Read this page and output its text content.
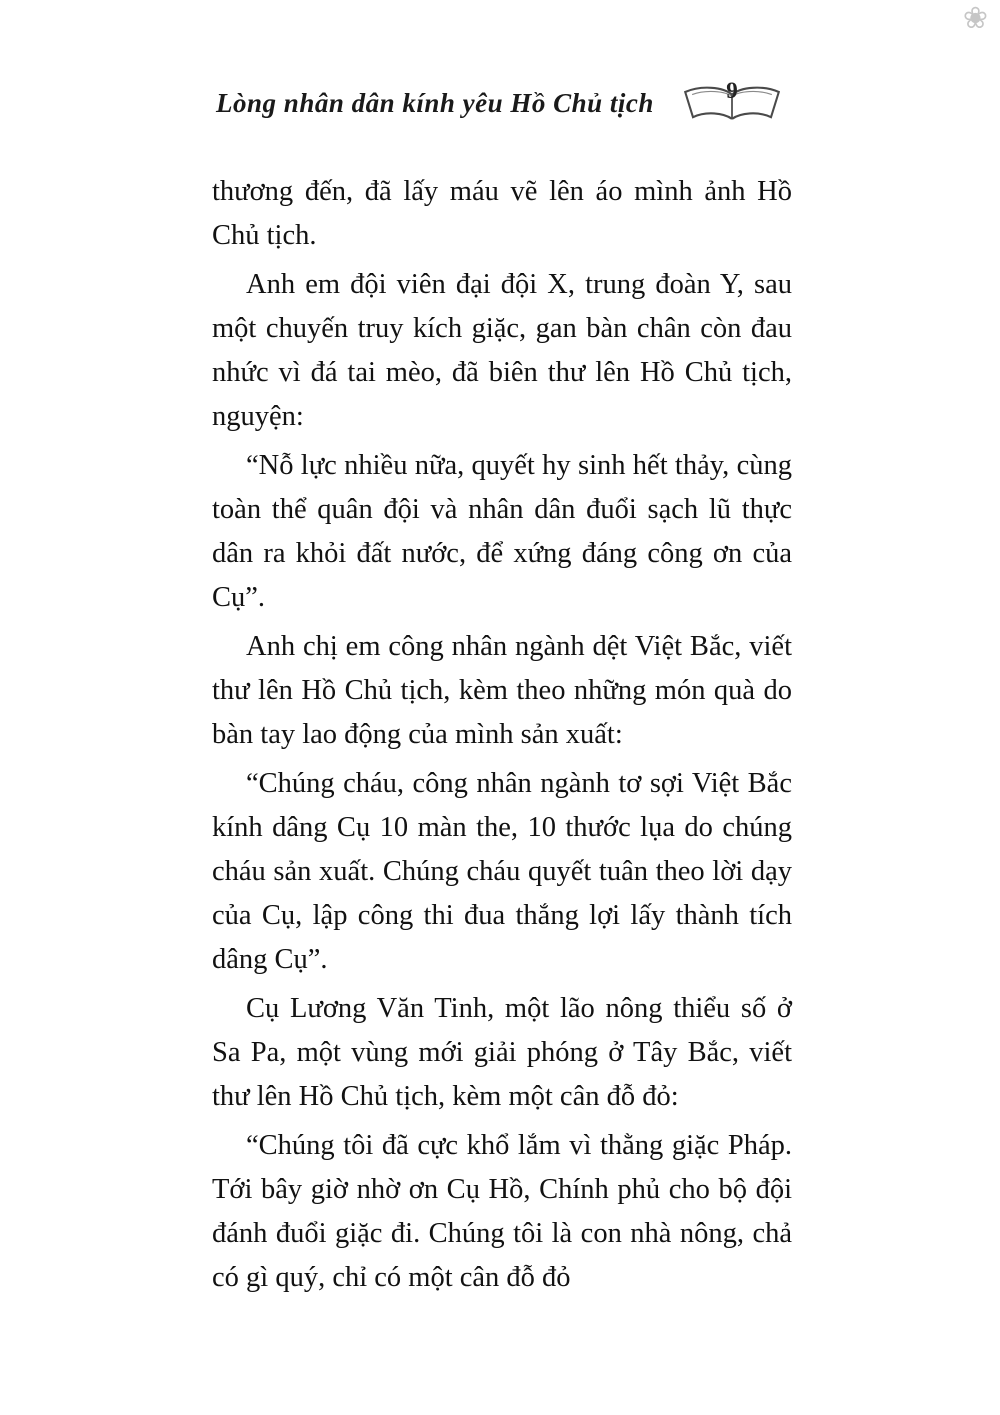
❀
Lòng nhân dân kính yêu Hồ Chủ tịch	9

thương đến, đã lấy máu vẽ lên áo mình ảnh Hồ Chủ tịch.

Anh em đội viên đại đội X, trung đoàn Y, sau một chuyến truy kích giặc, gan bàn chân còn đau nhức vì đá tai mèo, đã biên thư lên Hồ Chủ tịch, nguyện:

“Nỗ lực nhiều nữa, quyết hy sinh hết thảy, cùng toàn thể quân đội và nhân dân đuổi sạch lũ thực dân ra khỏi đất nước, để xứng đáng công ơn của Cụ”.

Anh chị em công nhân ngành dệt Việt Bắc, viết thư lên Hồ Chủ tịch, kèm theo những món quà do bàn tay lao động của mình sản xuất:

“Chúng cháu, công nhân ngành tơ sợi Việt Bắc kính dâng Cụ 10 màn the, 10 thước lụa do chúng cháu sản xuất. Chúng cháu quyết tuân theo lời dạy của Cụ, lập công thi đua thắng lợi lấy thành tích dâng Cụ”.

Cụ Lương Văn Tinh, một lão nông thiểu số ở Sa Pa, một vùng mới giải phóng ở Tây Bắc, viết thư lên Hồ Chủ tịch, kèm một cân đỗ đỏ:

“Chúng tôi đã cực khổ lắm vì thằng giặc Pháp. Tới bây giờ nhờ ơn Cụ Hồ, Chính phủ cho bộ đội đánh đuổi giặc đi. Chúng tôi là con nhà nông, chả có gì quý, chỉ có một cân đỗ đỏ
